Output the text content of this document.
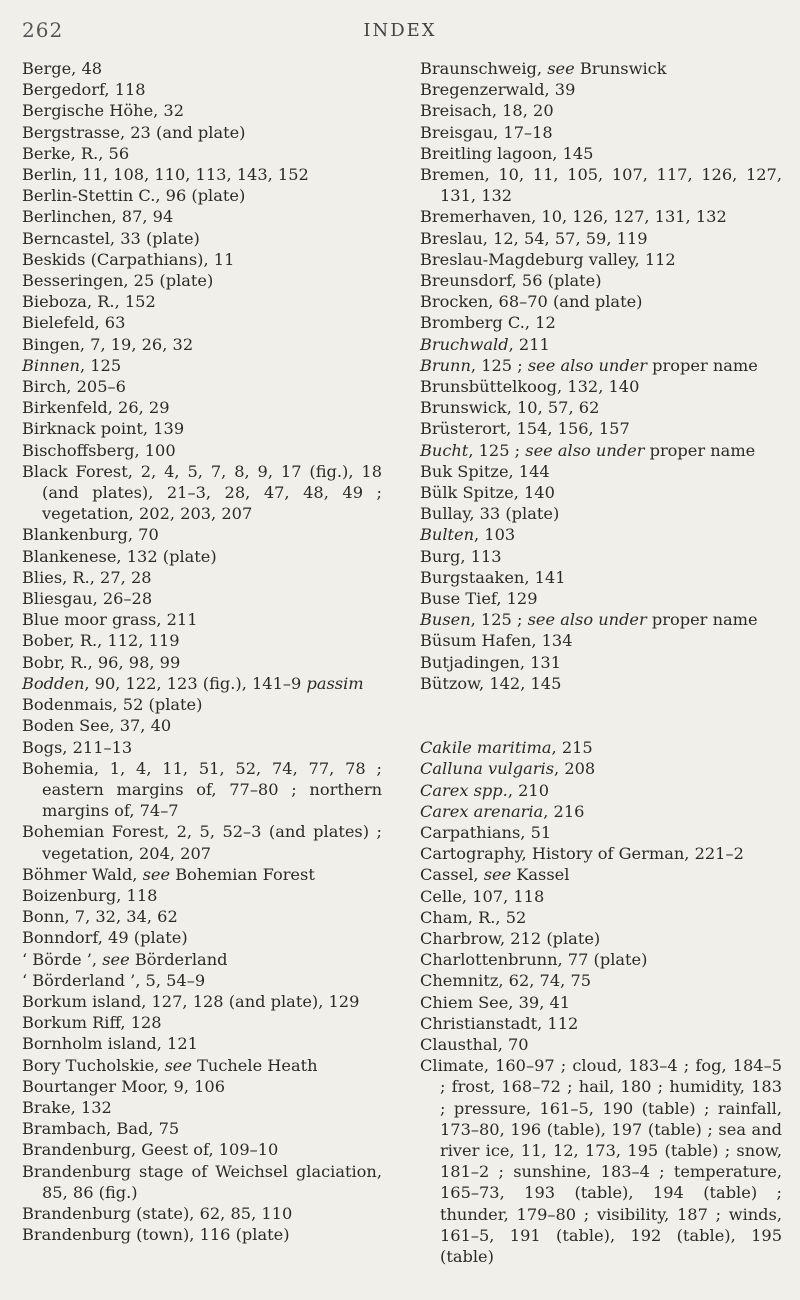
262	INDEX

Berge, 48

Bergedorf, 118

Bergische Höhe, 32

Bergstrasse, 23 (and plate)

Berke, R., 56

Berlin, 11, 108, 110, 113, 143, 152

Berlin-Stettin C., 96 (plate)

Berlinchen, 87, 94

Berncastel, 33 (plate)

Beskids (Carpathians), 11

Besseringen, 25 (plate)

Bieboza, R., 152

Bielefeld, 63

Bingen, 7, 19, 26, 32

Binnen, 125

Birch, 205–6

Birkenfeld, 26, 29

Birknack point, 139

Bischoffsberg, 100

Black Forest, 2, 4, 5, 7, 8, 9, 17 (fig.), 18 (and plates), 21–3, 28, 47, 48, 49 ; vegetation, 202, 203, 207

Blankenburg, 70

Blankenese, 132 (plate)

Blies, R., 27, 28

Bliesgau, 26–28

Blue moor grass, 211

Bober, R., 112, 119

Bobr, R., 96, 98, 99

Bodden, 90, 122, 123 (fig.), 141–9 passim

Bodenmais, 52 (plate)

Boden See, 37, 40

Bogs, 211–13

Bohemia, 1, 4, 11, 51, 52, 74, 77, 78 ; eastern margins of, 77–80 ; northern margins of, 74–7

Bohemian Forest, 2, 5, 52–3 (and plates) ; vegetation, 204, 207

Böhmer Wald, see Bohemian Forest

Boizenburg, 118

Bonn, 7, 32, 34, 62

Bonndorf, 49 (plate)

‘ Börde ’, see Börderland

‘ Börderland ’, 5, 54–9

Borkum island, 127, 128 (and plate), 129

Borkum Riff, 128

Bornholm island, 121

Bory Tucholskie, see Tuchele Heath

Bourtanger Moor, 9, 106

Brake, 132

Brambach, Bad, 75

Brandenburg, Geest of, 109–10

Brandenburg stage of Weichsel glaciation, 85, 86 (fig.)

Brandenburg (state), 62, 85, 110

Brandenburg (town), 116 (plate)

Braunschweig, see Brunswick

Bregenzerwald, 39

Breisach, 18, 20

Breisgau, 17–18

Breitling lagoon, 145

Bremen, 10, 11, 105, 107, 117, 126, 127, 131, 132

Bremerhaven, 10, 126, 127, 131, 132

Breslau, 12, 54, 57, 59, 119

Breslau-Magdeburg valley, 112

Breunsdorf, 56 (plate)

Brocken, 68–70 (and plate)

Bromberg C., 12

Bruchwald, 211

Brunn, 125 ; see also under proper name

Brunsbüttelkoog, 132, 140

Brunswick, 10, 57, 62

Brüsterort, 154, 156, 157

Bucht, 125 ; see also under proper name

Buk Spitze, 144

Bülk Spitze, 140

Bullay, 33 (plate)

Bulten, 103

Burg, 113

Burgstaaken, 141

Buse Tief, 129

Busen, 125 ; see also under proper name

Büsum Hafen, 134

Butjadingen, 131

Bützow, 142, 145

Cakile maritima, 215

Calluna vulgaris, 208

Carex spp., 210

Carex arenaria, 216

Carpathians, 51

Cartography, History of German, 221–2

Cassel, see Kassel

Celle, 107, 118

Cham, R., 52

Charbrow, 212 (plate)

Charlottenbrunn, 77 (plate)

Chemnitz, 62, 74, 75

Chiem See, 39, 41

Christianstadt, 112

Clausthal, 70

Climate, 160–97 ; cloud, 183–4 ; fog, 184–5 ; frost, 168–72 ; hail, 180 ; humidity, 183 ; pressure, 161–5, 190 (table) ; rainfall, 173–80, 196 (table), 197 (table) ; sea and river ice, 11, 12, 173, 195 (table) ; snow, 181–2 ; sunshine, 183–4 ; temperature, 165–73, 193 (table), 194 (table) ; thunder, 179–80 ; visibility, 187 ; winds, 161–5, 191 (table), 192 (table), 195 (table)
